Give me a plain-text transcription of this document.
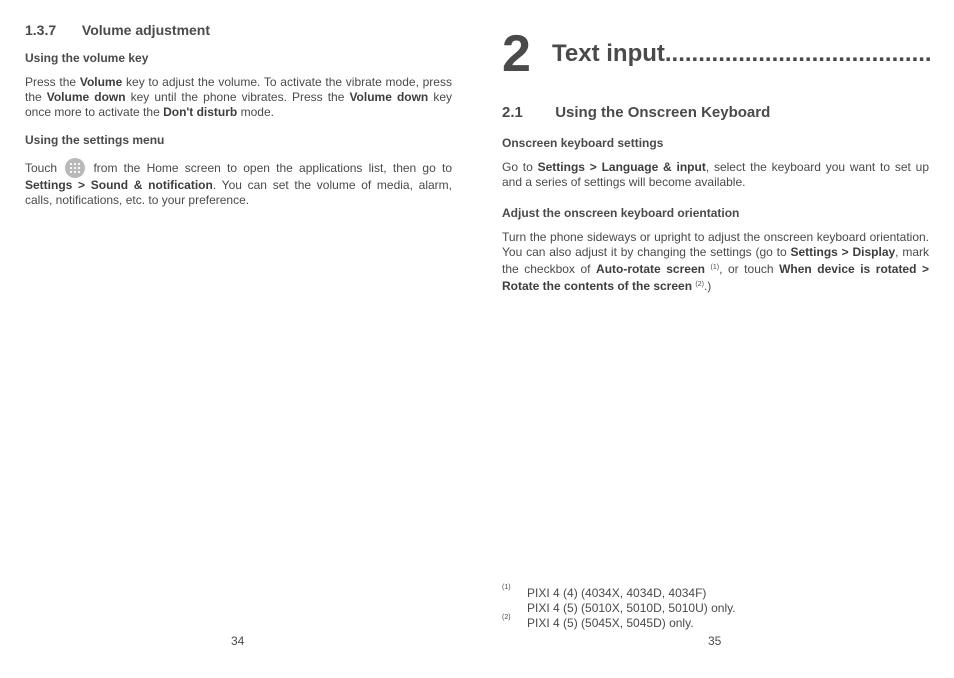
1.3.7 Volume adjustment
Using the volume key

Press the Volume key to adjust the volume. To activate the vibrate mode, press the Volume down key until the phone vibrates. Press the Volume down key once more to activate the Don't disturb mode.

Using the settings menu

Touch	from the Home screen to open the applications list, then go to Settings > Sound & notification. You can set the volume of media, alarm, calls, notifications, etc. to your preference.

34
2 Text input........................................
2.1 Using the Onscreen Keyboard
Onscreen keyboard settings

Go to Settings > Language & input, select the keyboard you want to set up and a series of settings will become available.

Adjust the onscreen keyboard orientation

Turn the phone sideways or upright to adjust the onscreen keyboard orientation. You can also adjust it by changing the settings (go to Settings > Display, mark the checkbox of Auto-rotate screen $^{(1)}$, or touch When device is rotated > Rotate the contents of the screen $^{(2)}$.)

(1) PIXI 4 (4) (4034X, 4034D, 4034F)
PIXI 4 (5) (5010X, 5010D, 5010U) only.
(2) PIXI 4 (5) (5045X, 5045D) only.
35
